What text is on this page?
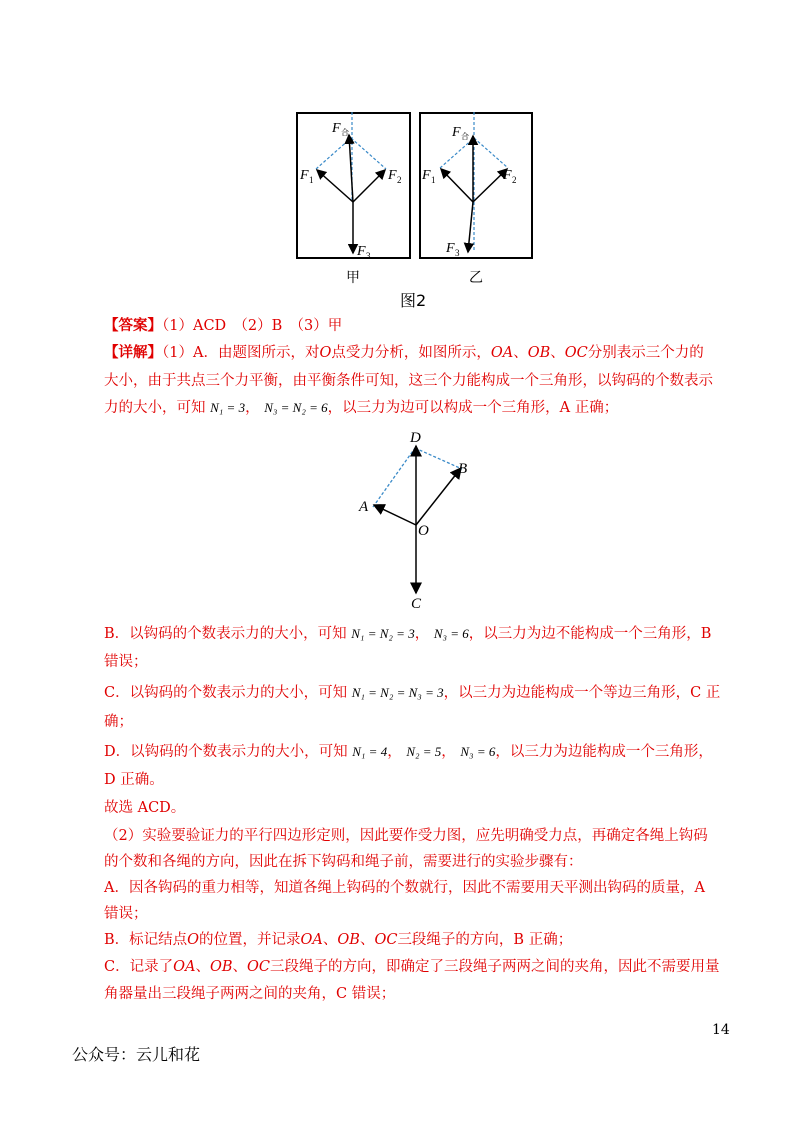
F 合
F 1	F 2
F 3
F 合
F 1	F 2
F 3
甲	乙
图2
【答案】（1）ACD　（2）B　（3）甲
【详解】（1）A．由题图所示，对O点受力分析，如图所示，OA、OB、OC分别表示三个力的
大小，由于共点三个力平衡，由平衡条件可知，这三个力能构成一个三角形，以钩码的个数表示
力的大小，可知 N₁ = 3， N₃ = N₂ = 6，以三力为边可以构成一个三角形，A 正确；
D
B
A
O
C
B．以钩码的个数表示力的大小，可知 N₁ = N₂ = 3， N₃ = 6，以三力为边不能构成一个三角形，B
错误；
C．以钩码的个数表示力的大小，可知 N₁ = N₂ = N₃ = 3，以三力为边能构成一个等边三角形，C 正
确；
D．以钩码的个数表示力的大小，可知 N₁ = 4， N₂ = 5， N₃ = 6，以三力为边能构成一个三角形，
D 正确。
故选 ACD。
（2）实验要验证力的平行四边形定则，因此要作受力图，应先明确受力点，再确定各绳上钩码
的个数和各绳的方向，因此在拆下钩码和绳子前，需要进行的实验步骤有：
A．因各钩码的重力相等，知道各绳上钩码的个数就行，因此不需要用天平测出钩码的质量，A
错误；
B．标记结点O的位置，并记录OA、OB、OC三段绳子的方向，B 正确；
C．记录了OA、OB、OC三段绳子的方向，即确定了三段绳子两两之间的夹角，因此不需要用量
角器量出三段绳子两两之间的夹角，C 错误；
14
公众号：云儿和花
